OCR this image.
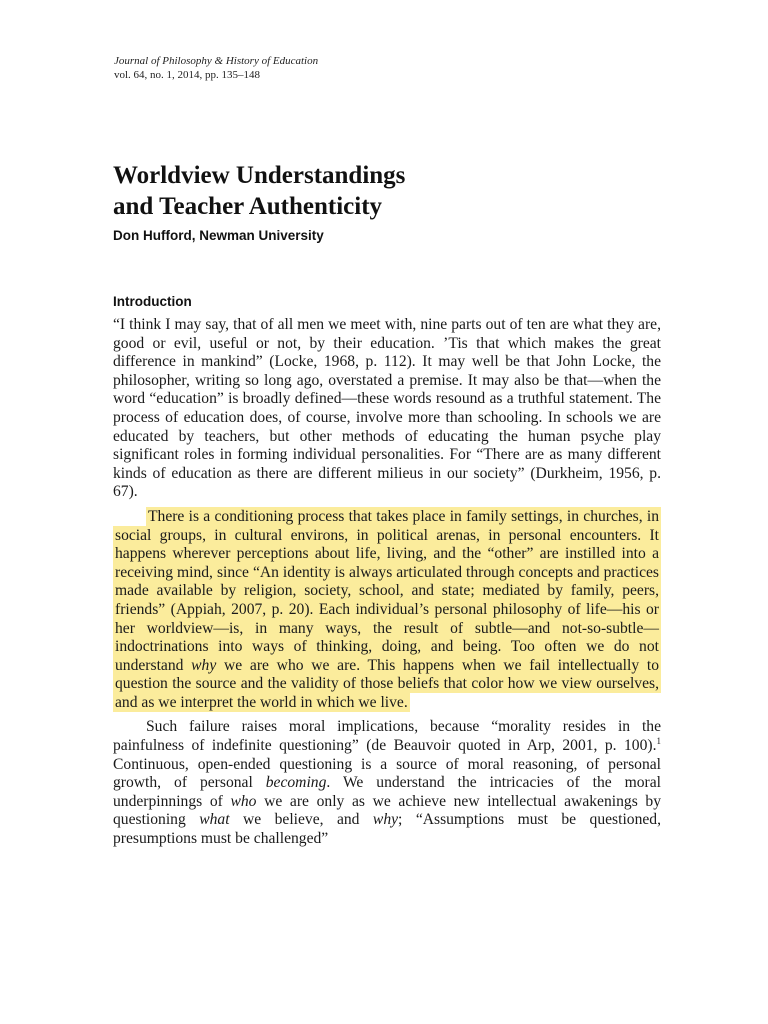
Journal of Philosophy & History of Education
vol. 64, no. 1, 2014, pp. 135–148
Worldview Understandings
and Teacher Authenticity
Don Hufford, Newman University
Introduction

“I think I may say, that of all men we meet with, nine parts out of ten are what they are, good or evil, useful or not, by their education. ’Tis that which makes the great difference in mankind” (Locke, 1968, p. 112). It may well be that John Locke, the philosopher, writing so long ago, overstated a premise. It may also be that—when the word “education” is broadly defined—these words resound as a truthful statement. The process of education does, of course, involve more than schooling. In schools we are educated by teachers, but other methods of educating the human psyche play significant roles in forming individual personalities. For “There are as many different kinds of education as there are different milieus in our society” (Durkheim, 1956, p. 67).

There is a conditioning process that takes place in family settings, in churches, in social groups, in cultural environs, in political arenas, in personal encounters. It happens wherever perceptions about life, living, and the “other” are instilled into a receiving mind, since “An identity is always articulated through concepts and practices made available by religion, society, school, and state; mediated by family, peers, friends” (Appiah, 2007, p. 20). Each individual’s personal philosophy of life—his or her worldview—is, in many ways, the result of subtle—and not-so-subtle—indoctrinations into ways of thinking, doing, and being. Too often we do not understand why we are who we are. This happens when we fail intellectually to question the source and the validity of those beliefs that color how we view ourselves, and as we interpret the world in which we live.

Such failure raises moral implications, because “morality resides in the painfulness of indefinite questioning” (de Beauvoir quoted in Arp, 2001, p. 100).$^1$ Continuous, open-ended questioning is a source of moral reasoning, of personal growth, of personal becoming. We understand the intricacies of the moral underpinnings of who we are only as we achieve new intellectual awakenings by questioning what we believe, and why; “Assumptions must be questioned, presumptions must be challenged”
